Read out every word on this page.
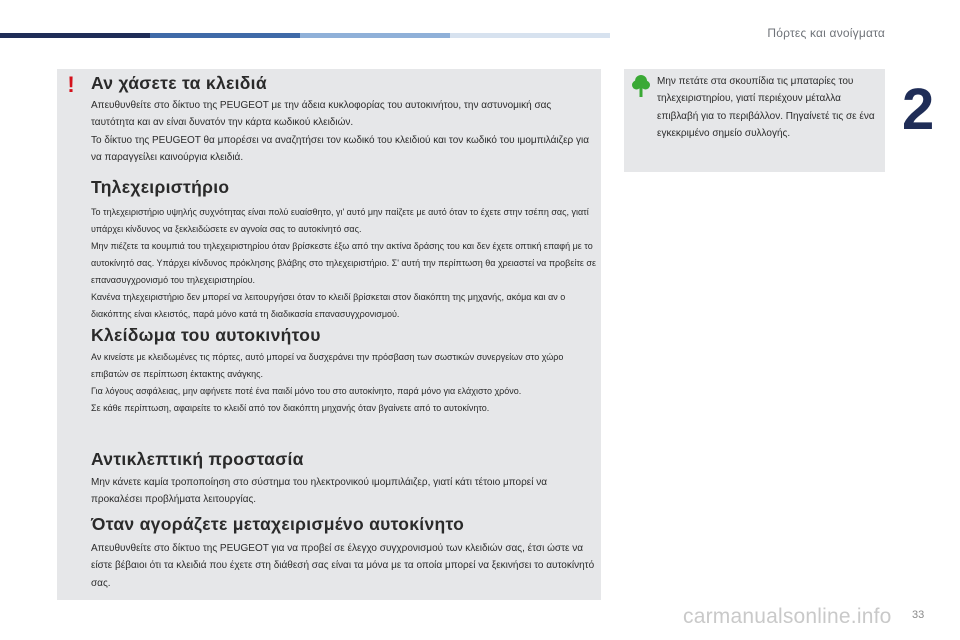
Πόρτες και ανοίγματα
2
! Αν χάσετε τα κλειδιά
Απευθυνθείτε στο δίκτυο της PEUGEOT με την άδεια κυκλοφορίας του αυτοκινήτου, την αστυνομική σας ταυτότητα και αν είναι δυνατόν την κάρτα κωδικού κλειδιών.
Το δίκτυο της PEUGEOT θα μπορέσει να αναζητήσει τον κωδικό του κλειδιού και τον κωδικό του ιμομπιλάιζερ για να παραγγείλει καινούργια κλειδιά.
Τηλεχειριστήριο
Το τηλεχειριστήριο υψηλής συχνότητας είναι πολύ ευαίσθητο, γι' αυτό μην παίζετε με αυτό όταν το έχετε στην τσέπη σας, γιατί υπάρχει κίνδυνος να ξεκλειδώσετε εν αγνοία σας το αυτοκίνητό σας.
Μην πιέζετε τα κουμπιά του τηλεχειριστηρίου όταν βρίσκεστε έξω από την ακτίνα δράσης του και δεν έχετε οπτική επαφή με το αυτοκίνητό σας. Υπάρχει κίνδυνος πρόκλησης βλάβης στο τηλεχειριστήριο. Σ' αυτή την περίπτωση θα χρειαστεί να προβείτε σε επανασυγχρονισμό του τηλεχειριστηρίου.
Κανένα τηλεχειριστήριο δεν μπορεί να λειτουργήσει όταν το κλειδί βρίσκεται στον διακόπτη της μηχανής, ακόμα και αν ο διακόπτης είναι κλειστός, παρά μόνο κατά τη διαδικασία επανασυγχρονισμού.
Κλείδωμα του αυτοκινήτου
Αν κινείστε με κλειδωμένες τις πόρτες, αυτό μπορεί να δυσχεράνει την πρόσβαση των σωστικών συνεργείων στο χώρο επιβατών σε περίπτωση έκτακτης ανάγκης.
Για λόγους ασφάλειας, μην αφήνετε ποτέ ένα παιδί μόνο του στο αυτοκίνητο, παρά μόνο για ελάχιστο χρόνο.
Σε κάθε περίπτωση, αφαιρείτε το κλειδί από τον διακόπτη μηχανής όταν βγαίνετε από το αυτοκίνητο.
Αντικλεπτική προστασία
Μην κάνετε καμία τροποποίηση στο σύστημα του ηλεκτρονικού ιμομπιλάιζερ, γιατί κάτι τέτοιο μπορεί να προκαλέσει προβλήματα λειτουργίας.
Όταν αγοράζετε μεταχειρισμένο αυτοκίνητο
Απευθυνθείτε στο δίκτυο της PEUGEOT για να προβεί σε έλεγχο συγχρονισμού των κλειδιών σας, έτσι ώστε να είστε βέβαιοι ότι τα κλειδιά που έχετε στη διάθεσή σας είναι τα μόνα με τα οποία μπορεί να ξεκινήσει το αυτοκίνητό σας.
Μην πετάτε στα σκουπίδια τις μπαταρίες του τηλεχειριστηρίου, γιατί περιέχουν μέταλλα επιβλαβή για το περιβάλλον. Πηγαίνετέ τις σε ένα εγκεκριμένο σημείο συλλογής.
33
carmanualsonline.info
